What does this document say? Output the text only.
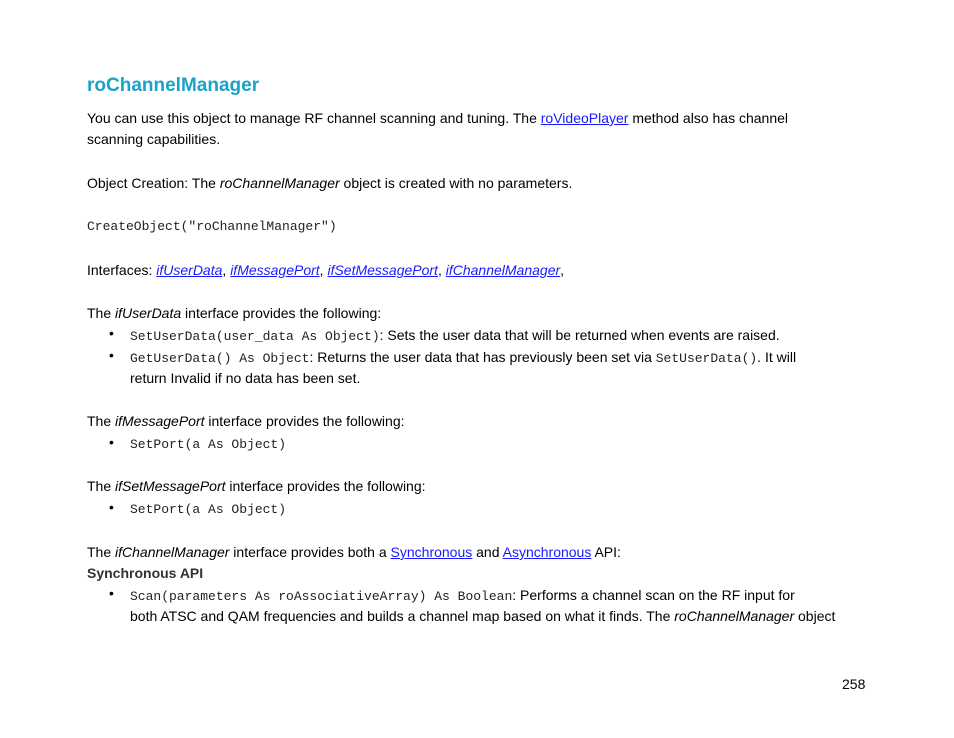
roChannelManager
You can use this object to manage RF channel scanning and tuning. The roVideoPlayer method also has channel
scanning capabilities.
Object Creation: The roChannelManager object is created with no parameters.
CreateObject("roChannelManager")
Interfaces: ifUserData, ifMessagePort, ifSetMessagePort, ifChannelManager,
The ifUserData interface provides the following:
• SetUserData(user_data As Object): Sets the user data that will be returned when events are raised.
• GetUserData() As Object: Returns the user data that has previously been set via SetUserData(). It will
return Invalid if no data has been set.
The ifMessagePort interface provides the following:
• SetPort(a As Object)
The ifSetMessagePort interface provides the following:
• SetPort(a As Object)
The ifChannelManager interface provides both a Synchronous and Asynchronous API:
Synchronous API
• Scan(parameters As roAssociativeArray) As Boolean: Performs a channel scan on the RF input for
both ATSC and QAM frequencies and builds a channel map based on what it finds. The roChannelManager object
258
